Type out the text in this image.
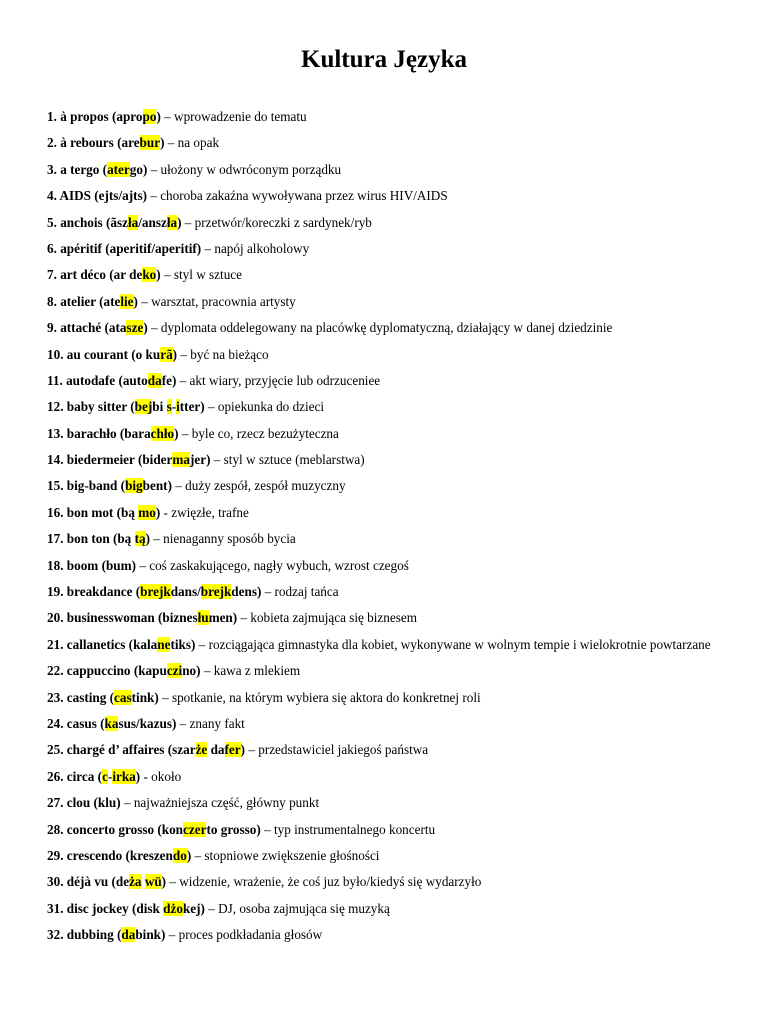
Kultura Języka

1. à propos (apropo) – wprowadzenie do tematu

2. à rebours (arebur) – na opak

3. a tergo (atergo) – ułożony w odwróconym porządku

4. AIDS (ejts/ajts) – choroba zakaźna wywoływana przez wirus HIV/AIDS

5. anchois (ãszła/anszła) – przetwór/koreczki z sardynek/ryb

6. apéritif (aperitif/aperitif) – napój alkoholowy

7. art déco (ar deko) – styl w sztuce

8. atelier (atelie) – warsztat, pracownia artysty

9. attaché (atasze) – dyplomata oddelegowany na placówkę dyplomatyczną, działający w danej dziedzinie

10. au courant (o kurã) – być na bieżąco

11. autodafe (autodafe) – akt wiary, przyjęcie lub odrzuceniee

12. baby sitter (bejbi s-itter) – opiekunka do dzieci

13. barachło (barachło) – byle co, rzecz bezużyteczna

14. biedermeier (bidermajer) – styl w sztuce (meblarstwa)

15. big-band (bigbent) – duży zespół, zespół muzyczny

16. bon mot (bą mo) - zwięzłe, trafne

17. bon ton (bą tą) – nienaganny sposób bycia

18. boom (bum) – coś zaskakującego, nagły wybuch, wzrost czegoś

19. breakdance (brejkdans/brejkdens) – rodzaj tańca

20. businesswoman (biznesłumen) – kobieta zajmująca się biznesem

21. callanetics (kalanetiks) – rozciągająca gimnastyka dla kobiet, wykonywane w wolnym tempie i wielokrotnie powtarzane

22. cappuccino (kapuczino) – kawa z mlekiem

23. casting (castink) – spotkanie, na którym wybiera się aktora do konkretnej roli

24. casus (kasus/kazus) – znany fakt

25. chargé d’ affaires (szarże dafer) – przedstawiciel jakiegoś państwa

26. circa (c-irka) - około

27. clou (klu) – najważniejsza część, główny punkt

28. concerto grosso (konczerto grosso) – typ instrumentalnego koncertu

29. crescendo (kreszendo) – stopniowe zwiększenie głośności

30. déjà vu (deża wü) – widzenie, wrażenie, że coś juz było/kiedyś się wydarzyło

31. disc jockey (disk dżokej) – DJ, osoba zajmująca się muzyką

32. dubbing (dabink) – proces podkładania głosów
